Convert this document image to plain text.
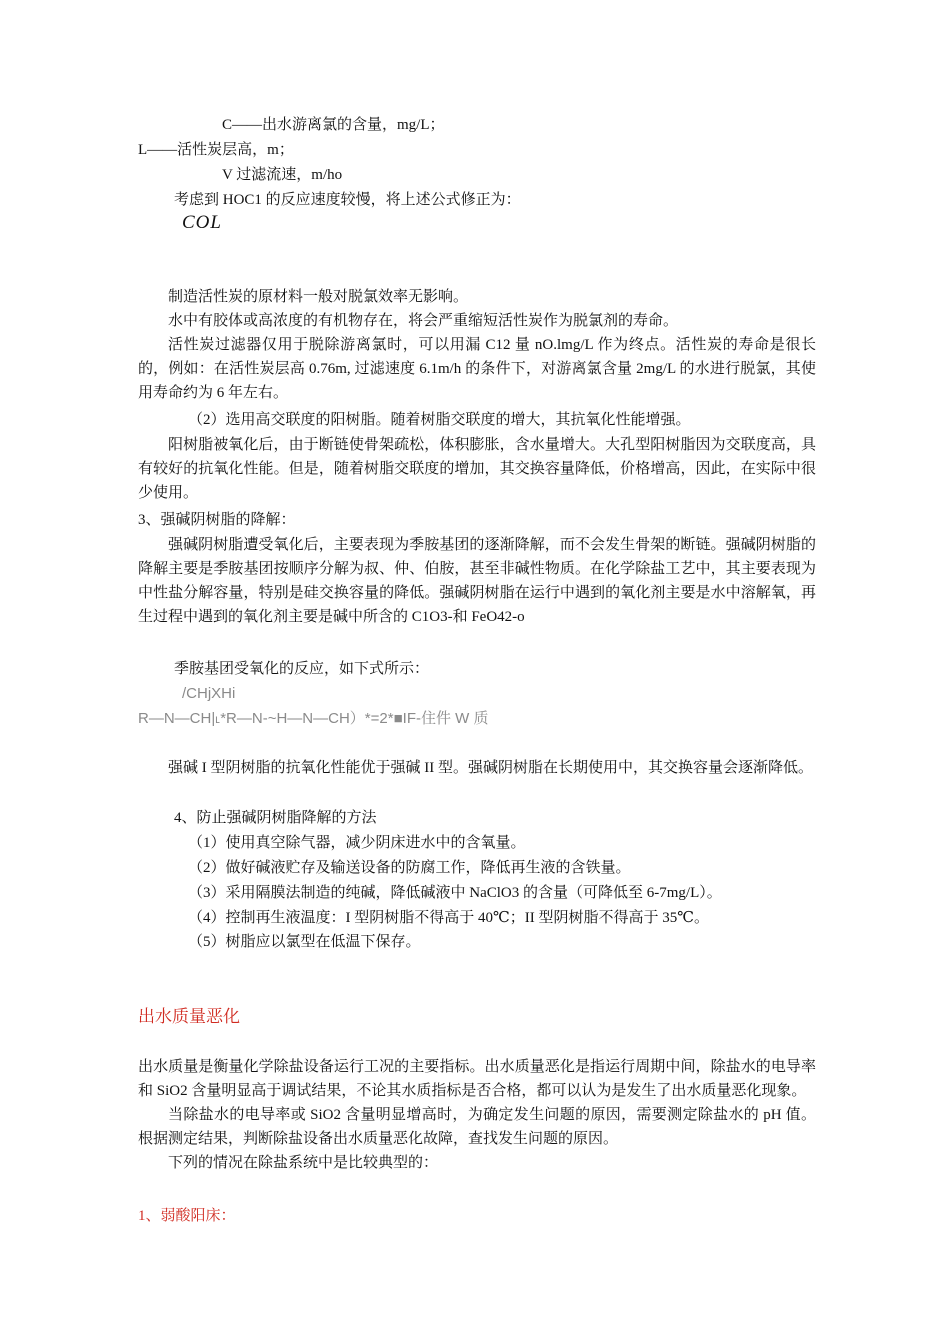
C——出水游离氯的含量，mg/L；
L——活性炭层高，m；
V 过滤流速，m/ho
考虑到 HOC1 的反应速度较慢，将上述公式修正为：
COL

制造活性炭的原材料一般对脱氯效率无影响。

水中有胶体或高浓度的有机物存在，将会严重缩短活性炭作为脱氯剂的寿命。

活性炭过滤器仅用于脱除游离氯时，可以用漏 C12 量 nO.lmg/L 作为终点。活性炭的寿命是很长的，例如：在活性炭层高 0.76m, 过滤速度 6.1m/h 的条件下，对游离氯含量 2mg/L 的水进行脱氯，其使用寿命约为 6 年左右。

（2）选用高交联度的阳树脂。随着树脂交联度的增大，其抗氧化性能增强。

阳树脂被氧化后，由于断链使骨架疏松，体积膨胀，含水量增大。大孔型阳树脂因为交联度高，具有较好的抗氧化性能。但是，随着树脂交联度的增加，其交换容量降低，价格增高，因此，在实际中很少使用。

3、强碱阴树脂的降解：

强碱阴树脂遭受氧化后，主要表现为季胺基团的逐渐降解，而不会发生骨架的断链。强碱阴树脂的降解主要是季胺基团按顺序分解为叔、仲、伯胺，甚至非碱性物质。在化学除盐工艺中，其主要表现为中性盐分解容量，特别是硅交换容量的降低。强碱阴树脂在运行中遇到的氧化剂主要是水中溶解氧，再生过程中遇到的氧化剂主要是碱中所含的 C1O3-和 FeO42-o

季胺基团受氧化的反应，如下式所示：
/CHjXHi
R—N—CH|˪*R—N-~H—N—CH）*=2*■IF-住件 W 质

强碱 I 型阴树脂的抗氧化性能优于强碱 II 型。强碱阴树脂在长期使用中，其交换容量会逐渐降低。

4、防止强碱阴树脂降解的方法
（1）使用真空除气器，减少阴床进水中的含氧量。
（2）做好碱液贮存及输送设备的防腐工作，降低再生液的含铁量。
（3）采用隔膜法制造的纯碱，降低碱液中 NaClO3 的含量（可降低至 6-7mg/L）。
（4）控制再生液温度：I 型阴树脂不得高于 40℃；II 型阴树脂不得高于 35℃。
（5）树脂应以氯型在低温下保存。
出水质量恶化

出水质量是衡量化学除盐设备运行工况的主要指标。出水质量恶化是指运行周期中间，除盐水的电导率和 SiO2 含量明显高于调试结果，不论其水质指标是否合格，都可以认为是发生了出水质量恶化现象。

当除盐水的电导率或 SiO2 含量明显增高时，为确定发生问题的原因，需要测定除盐水的 pH 值。根据测定结果，判断除盐设备出水质量恶化故障，查找发生问题的原因。

下列的情况在除盐系统中是比较典型的：

1、弱酸阳床：
